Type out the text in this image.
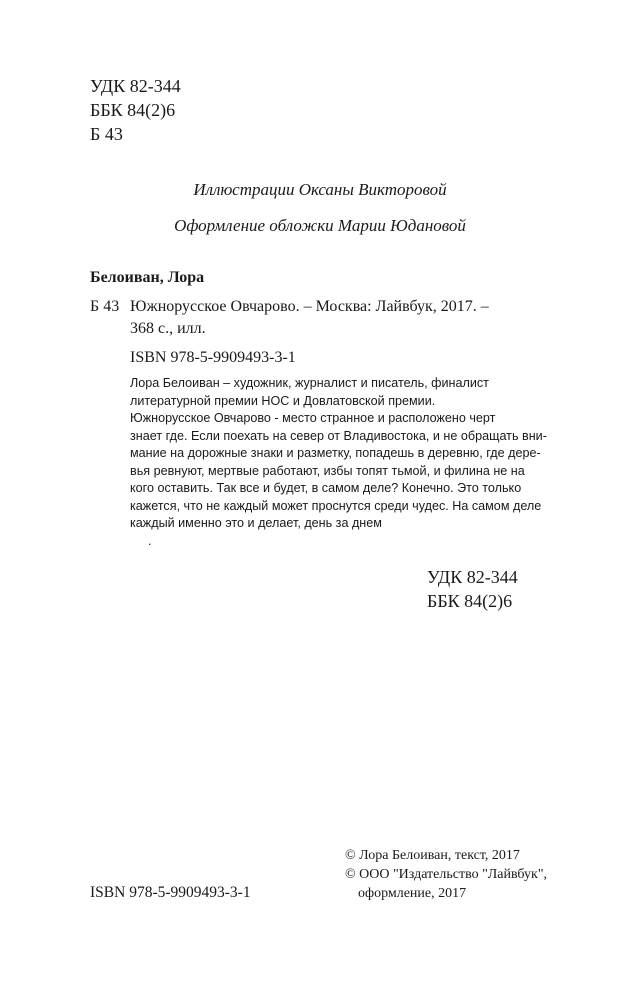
УДК 82-344
ББК 84(2)6
Б 43
Иллюстрации Оксаны Викторовой
Оформление обложки Марии Юдановой
Белоиван, Лора
Б 43 Южнорусское Овчарово. – Москва: Лайвбук, 2017. –
368 с., илл.
ISBN 978-5-9909493-3-1
Лора Белоиван – художник, журналист и писатель, финалист
литературной премии НОС и Довлатовской премии.
Южнорусское Овчарово - место странное и расположено черт
знает где. Если поехать на север от Владивостока, и не обращать вни-
мание на дорожные знаки и разметку, попадешь в деревню, где дере-
вья ревнуют, мертвые работают, избы топят тьмой, и филина не на
кого оставить. Так все и будет, в самом деле? Конечно. Это только
кажется, что не каждый может проснутся среди чудес. На самом деле
каждый именно это и делает, день за днем
.
УДК 82-344
ББК 84(2)6
© Лора Белоиван, текст, 2017
© ООО "Издательство "Лайвбук",
оформление, 2017
ISBN 978-5-9909493-3-1
